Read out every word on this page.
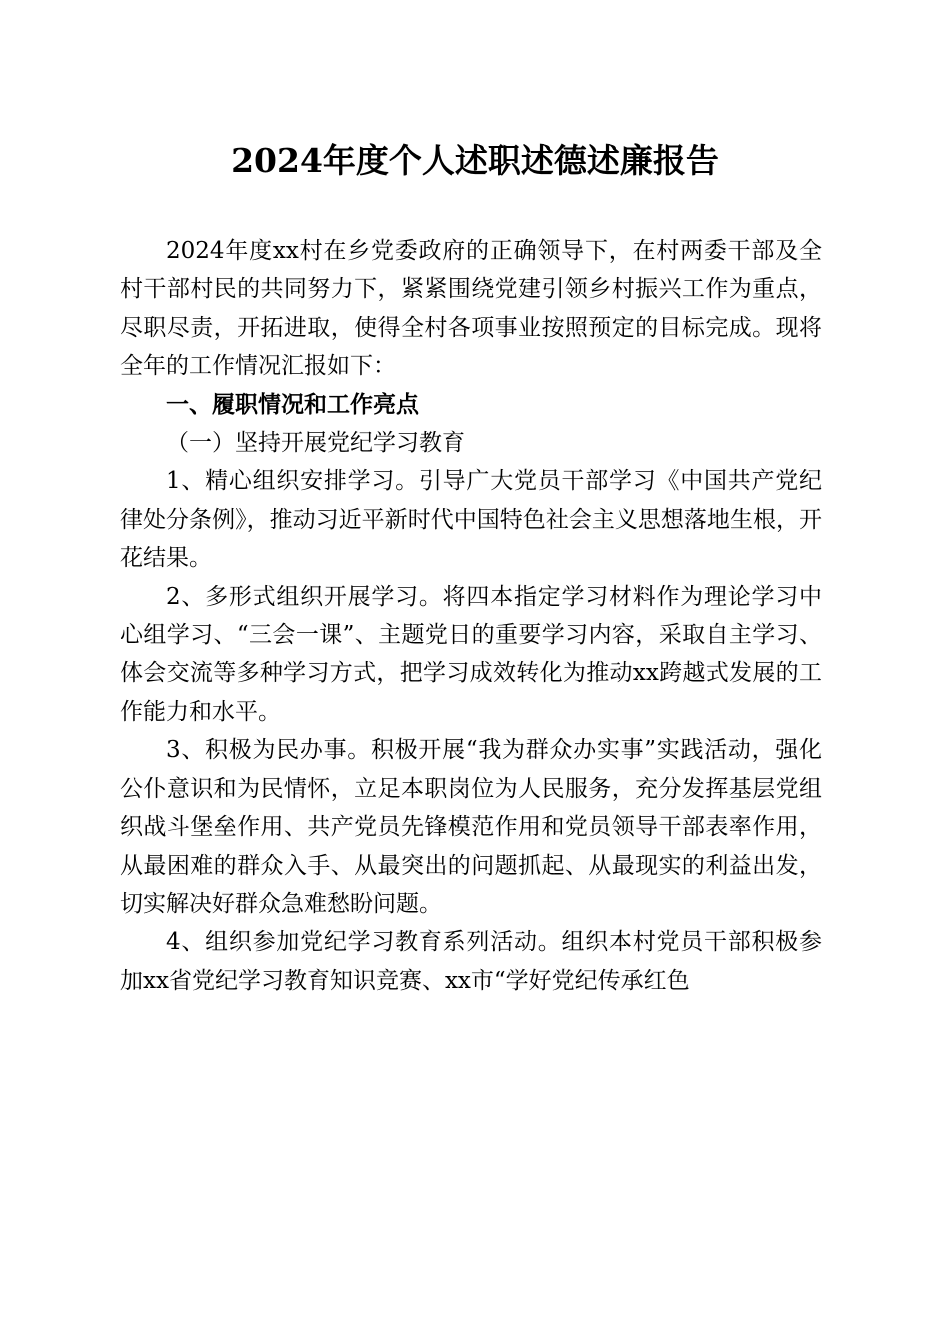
2024年度个人述职述德述廉报告

2024年度xx村在乡党委政府的正确领导下，在村两委干部及全村干部村民的共同努力下，紧紧围绕党建引领乡村振兴工作为重点，尽职尽责，开拓进取，使得全村各项事业按照预定的目标完成。现将全年的工作情况汇报如下：

一、履职情况和工作亮点

（一）坚持开展党纪学习教育

1、精心组织安排学习。引导广大党员干部学习《中国共产党纪律处分条例》，推动习近平新时代中国特色社会主义思想落地生根，开花结果。

2、多形式组织开展学习。将四本指定学习材料作为理论学习中心组学习、“三会一课”、主题党日的重要学习内容，采取自主学习、体会交流等多种学习方式，把学习成效转化为推动xx跨越式发展的工作能力和水平。

3、积极为民办事。积极开展“我为群众办实事”实践活动，强化公仆意识和为民情怀，立足本职岗位为人民服务，充分发挥基层党组织战斗堡垒作用、共产党员先锋模范作用和党员领导干部表率作用，从最困难的群众入手、从最突出的问题抓起、从最现实的利益出发，切实解决好群众急难愁盼问题。

4、组织参加党纪学习教育系列活动。组织本村党员干部积极参加xx省党纪学习教育知识竞赛、xx市“学好党纪传承红色
